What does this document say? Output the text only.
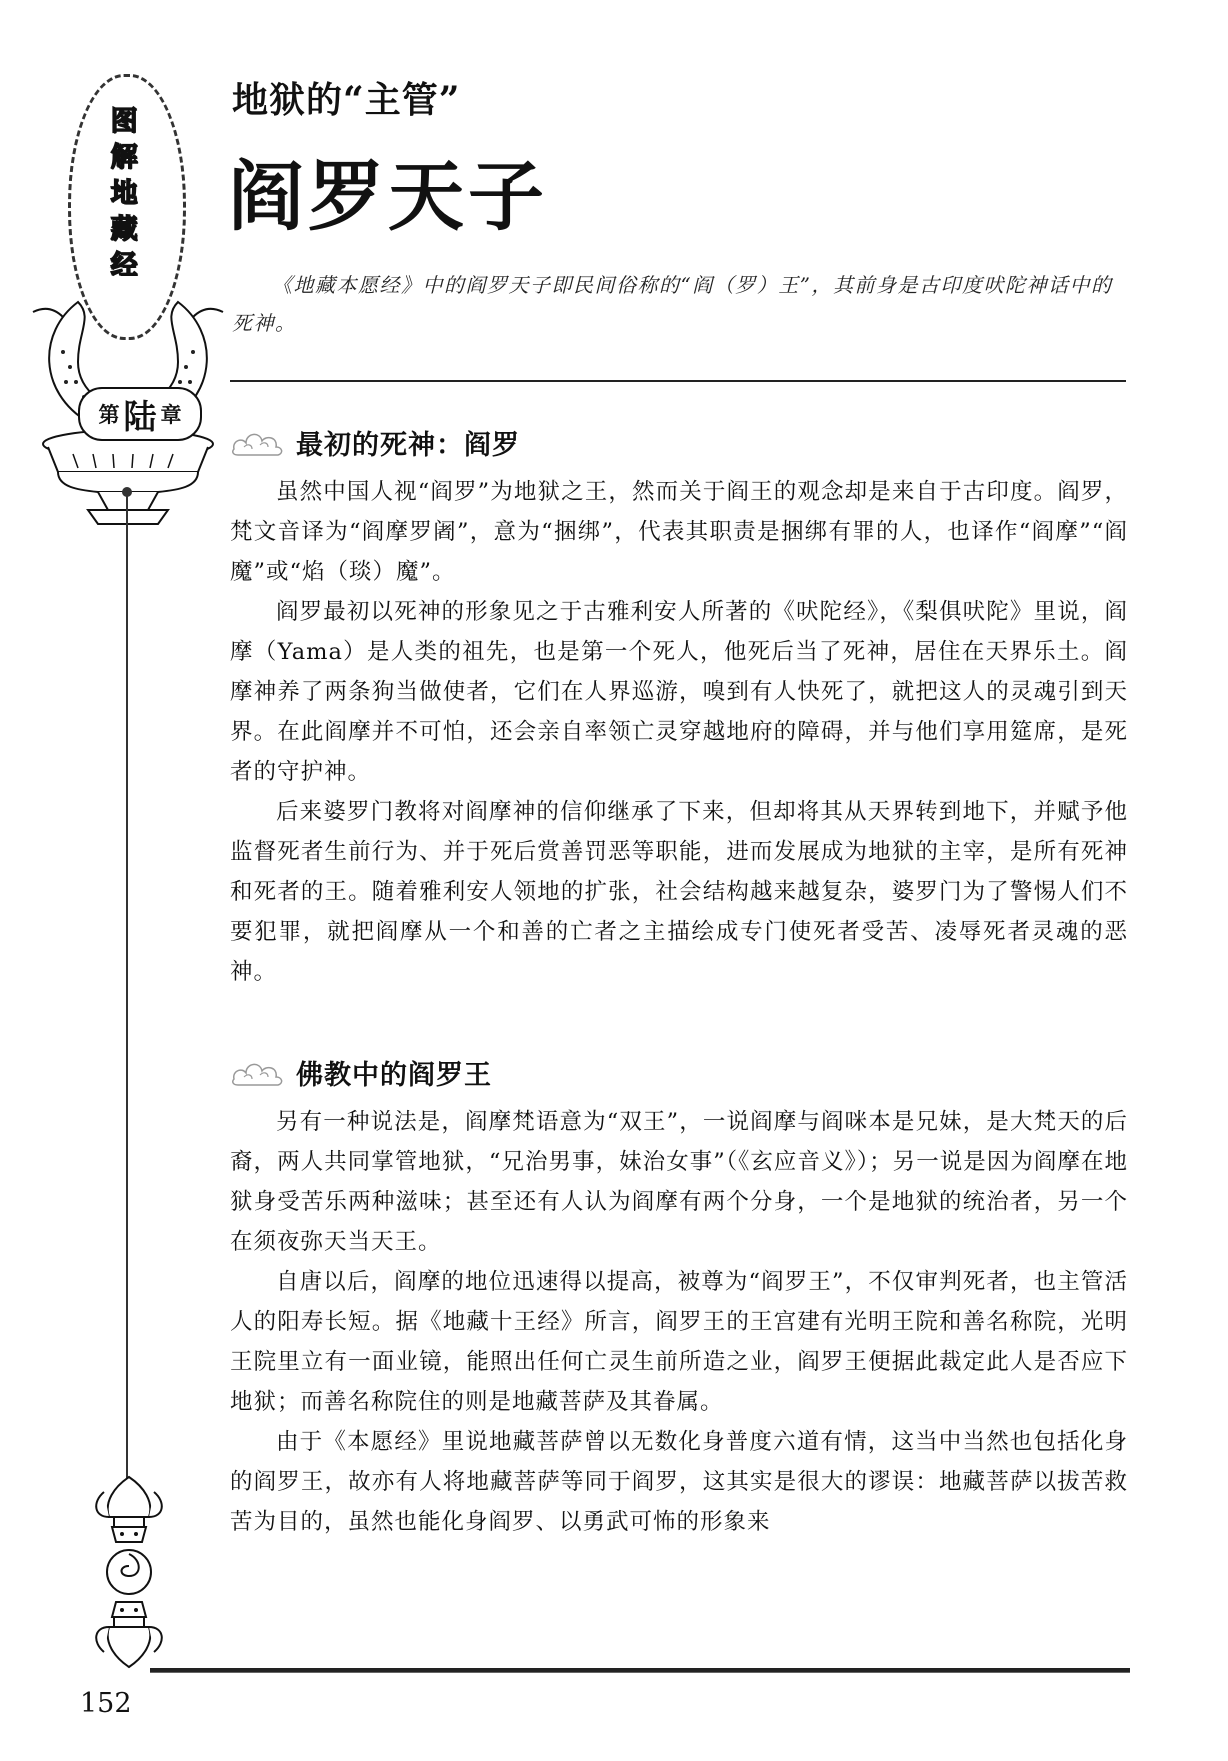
图
解
地
藏
经
第 陆 章
地狱的“主管”
阎罗天子

《地藏本愿经》中的阎罗天子即民间俗称的“阎（罗）王”，其前身是古印度吠陀神话中的死神。

最初的死神：阎罗

虽然中国人视“阎罗”为地狱之王，然而关于阎王的观念却是来自于古印度。阎罗，梵文音译为“阎摩罗阇”，意为“捆绑”，代表其职责是捆绑有罪的人，也译作“阎摩”“阎魔”或“焰（琰）魔”。

阎罗最初以死神的形象见之于古雅利安人所著的《吠陀经》，《梨俱吠陀》里说，阎摩（Yama）是人类的祖先，也是第一个死人，他死后当了死神，居住在天界乐土。阎摩神养了两条狗当做使者，它们在人界巡游，嗅到有人快死了，就把这人的灵魂引到天界。在此阎摩并不可怕，还会亲自率领亡灵穿越地府的障碍，并与他们享用筵席，是死者的守护神。

后来婆罗门教将对阎摩神的信仰继承了下来，但却将其从天界转到地下，并赋予他监督死者生前行为、并于死后赏善罚恶等职能，进而发展成为地狱的主宰，是所有死神和死者的王。随着雅利安人领地的扩张，社会结构越来越复杂，婆罗门为了警惕人们不要犯罪，就把阎摩从一个和善的亡者之主描绘成专门使死者受苦、凌辱死者灵魂的恶神。

佛教中的阎罗王

另有一种说法是，阎摩梵语意为“双王”，一说阎摩与阎咪本是兄妹，是大梵天的后裔，两人共同掌管地狱，“兄治男事，妹治女事”（《玄应音义》）；另一说是因为阎摩在地狱身受苦乐两种滋味；甚至还有人认为阎摩有两个分身，一个是地狱的统治者，另一个在须夜弥天当天王。

自唐以后，阎摩的地位迅速得以提高，被尊为“阎罗王”，不仅审判死者，也主管活人的阳寿长短。据《地藏十王经》所言，阎罗王的王宫建有光明王院和善名称院，光明王院里立有一面业镜，能照出任何亡灵生前所造之业，阎罗王便据此裁定此人是否应下地狱；而善名称院住的则是地藏菩萨及其眷属。

由于《本愿经》里说地藏菩萨曾以无数化身普度六道有情，这当中当然也包括化身的阎罗王，故亦有人将地藏菩萨等同于阎罗，这其实是很大的谬误：地藏菩萨以拔苦救苦为目的，虽然也能化身阎罗、以勇武可怖的形象来

152
